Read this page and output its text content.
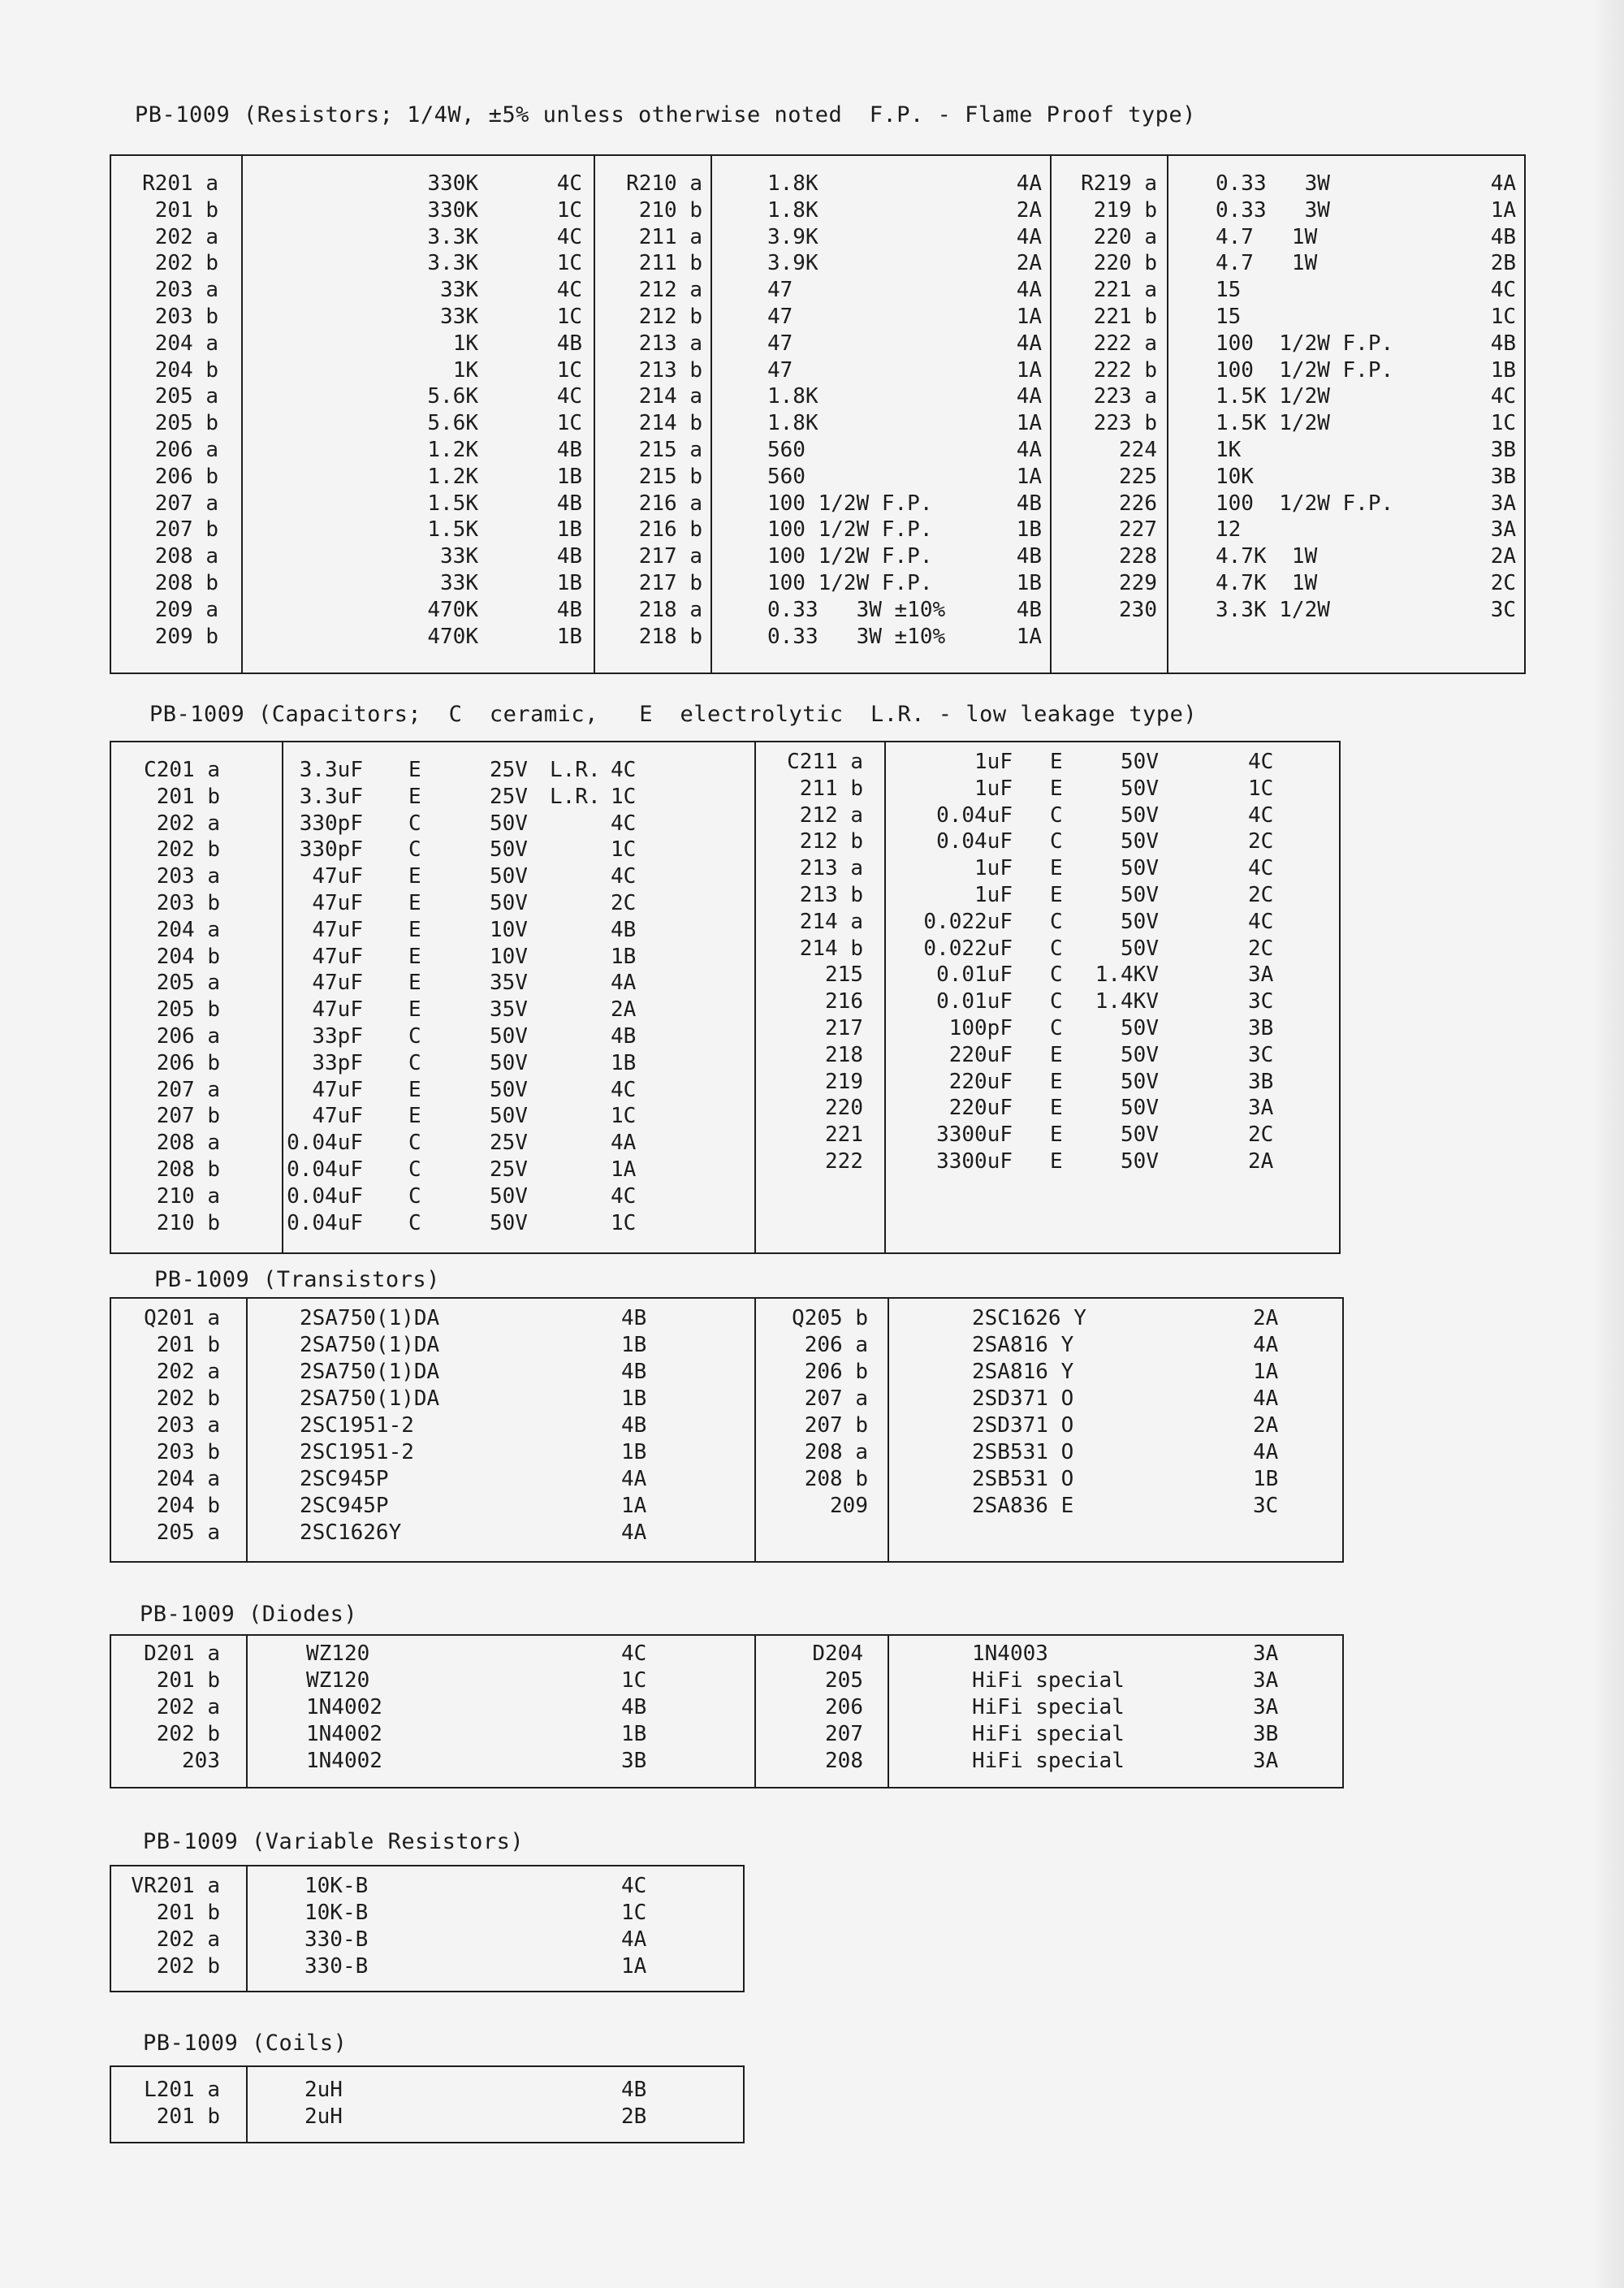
PB-1009 (Resistors; 1/4W, ±5% unless otherwise noted  F.P. - Flame Proof type)
R201 a	330K	4C
201 b	330K	1C
202 a	3.3K	4C
202 b	3.3K	1C
203 a	33K	4C
203 b	33K	1C
204 a	1K	4B
204 b	1K	1C
205 a	5.6K	4C
205 b	5.6K	1C
206 a	1.2K	4B
206 b	1.2K	1B
207 a	1.5K	4B
207 b	1.5K	1B
208 a	33K	4B
208 b	33K	1B
209 a	470K	4B
209 b	470K	1B
R210 a	1.8K	4A
210 b	1.8K	2A
211 a	3.9K	4A
211 b	3.9K	2A
212 a	47	4A
212 b	47	1A
213 a	47	4A
213 b	47	1A
214 a	1.8K	4A
214 b	1.8K	1A
215 a	560	4A
215 b	560	1A
216 a	100 1/2W F.P.	4B
216 b	100 1/2W F.P.	1B
217 a	100 1/2W F.P.	4B
217 b	100 1/2W F.P.	1B
218 a	0.33   3W ±10%	4B
218 b	0.33   3W ±10%	1A
R219 a	0.33   3W	4A
219 b	0.33   3W	1A
220 a	4.7   1W	4B
220 b	4.7   1W	2B
221 a	15	4C
221 b	15	1C
222 a	100  1/2W F.P.	4B
222 b	100  1/2W F.P.	1B
223 a	1.5K 1/2W	4C
223 b	1.5K 1/2W	1C
224	1K	3B
225	10K	3B
226	100  1/2W F.P.	3A
227	12	3A
228	4.7K  1W	2A
229	4.7K  1W	2C
230	3.3K 1/2W	3C
PB-1009 (Capacitors;  C  ceramic,   E  electrolytic  L.R. - low leakage type)
C201 a	3.3uF E	25V L.R. 4C
201 b	3.3uF E	25V L.R. 1C
202 a	330pF C	50V	4C
202 b	330pF C	50V	1C
203 a	47uF E	50V	4C
203 b	47uF E	50V	2C
204 a	47uF E	10V	4B
204 b	47uF E	10V	1B
205 a	47uF E	35V	4A
205 b	47uF E	35V	2A
206 a	33pF C	50V	4B
206 b	33pF C	50V	1B
207 a	47uF E	50V	4C
207 b	47uF E	50V	1C
208 a	0.04uF C	25V	4A
208 b	0.04uF C	25V	1A
210 a	0.04uF C	50V	4C
210 b	0.04uF C	50V	1C
C211 a	1uF E	50V	4C
211 b	1uF E	50V	1C
212 a	0.04uF C	50V	4C
212 b	0.04uF C	50V	2C
213 a	1uF E	50V	4C
213 b	1uF E	50V	2C
214 a	0.022uF C	50V	4C
214 b	0.022uF C	50V	2C
215	0.01uF C	1.4KV	3A
216	0.01uF C	1.4KV	3C
217	100pF C	50V	3B
218	220uF E	50V	3C
219	220uF E	50V	3B
220	220uF E	50V	3A
221	3300uF E	50V	2C
222	3300uF E	50V	2A
PB-1009 (Transistors)
Q201 a	2SA750(1)DA	4B
201 b	2SA750(1)DA	1B
202 a	2SA750(1)DA	4B
202 b	2SA750(1)DA	1B
203 a	2SC1951-2	4B
203 b	2SC1951-2	1B
204 a	2SC945P	4A
204 b	2SC945P	1A
205 a	2SC1626Y	4A
Q205 b	2SC1626 Y	2A
206 a	2SA816 Y	4A
206 b	2SA816 Y	1A
207 a	2SD371 O	4A
207 b	2SD371 O	2A
208 a	2SB531 O	4A
208 b	2SB531 O	1B
209	2SA836 E	3C
PB-1009 (Diodes)
D201 a	WZ120	4C
201 b	WZ120	1C
202 a	1N4002	4B
202 b	1N4002	1B
203	1N4002	3B
D204	1N4003	3A
205	HiFi special	3A
206	HiFi special	3A
207	HiFi special	3B
208	HiFi special	3A
PB-1009 (Variable Resistors)
VR201 a	10K-B	4C
201 b	10K-B	1C
202 a	330-B	4A
202 b	330-B	1A
PB-1009 (Coils)
L201 a	2uH	4B
201 b	2uH	2B
